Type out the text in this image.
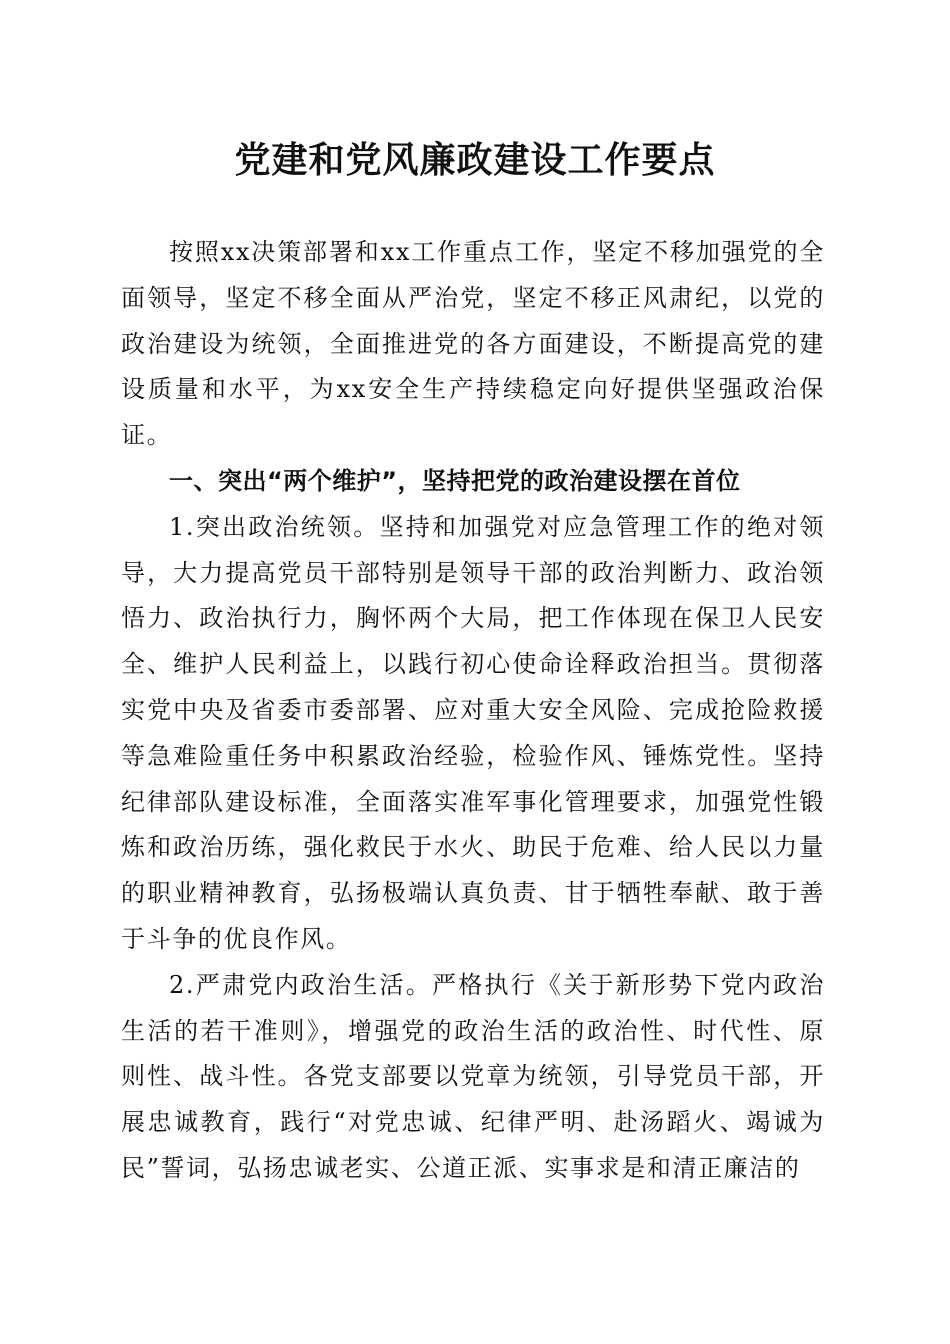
党建和党风廉政建设工作要点

按照xx决策部署和xx工作重点工作，坚定不移加强党的全面领导，坚定不移全面从严治党，坚定不移正风肃纪，以党的政治建设为统领，全面推进党的各方面建设，不断提高党的建设质量和水平，为xx安全生产持续稳定向好提供坚强政治保证。

一、突出“两个维护”，坚持把党的政治建设摆在首位

1.突出政治统领。坚持和加强党对应急管理工作的绝对领导，大力提高党员干部特别是领导干部的政治判断力、政治领悟力、政治执行力，胸怀两个大局，把工作体现在保卫人民安全、维护人民利益上，以践行初心使命诠释政治担当。贯彻落实党中央及省委市委部署、应对重大安全风险、完成抢险救援等急难险重任务中积累政治经验，检验作风、锤炼党性。坚持纪律部队建设标准，全面落实准军事化管理要求，加强党性锻炼和政治历练，强化救民于水火、助民于危难、给人民以力量的职业精神教育，弘扬极端认真负责、甘于牺牲奉献、敢于善于斗争的优良作风。

2.严肃党内政治生活。严格执行《关于新形势下党内政治生活的若干准则》，增强党的政治生活的政治性、时代性、原则性、战斗性。各党支部要以党章为统领，引导党员干部，开展忠诚教育，践行“对党忠诚、纪律严明、赴汤蹈火、竭诚为民”誓词，弘扬忠诚老实、公道正派、实事求是和清正廉洁的
